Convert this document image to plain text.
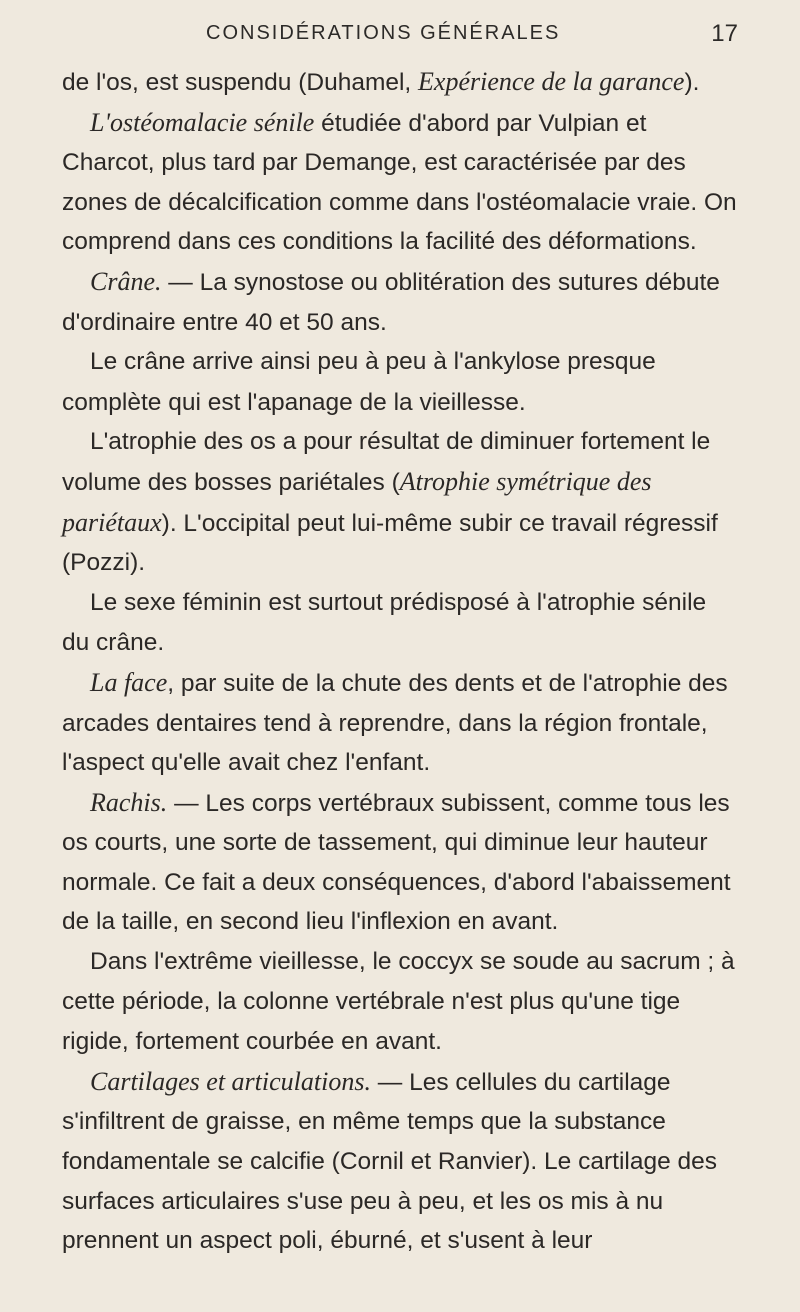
CONSIDÉRATIONS GÉNÉRALES	17

de l'os, est suspendu (Duhamel, Expérience de la garance).

L'ostéomalacie sénile étudiée d'abord par Vulpian et Charcot, plus tard par Demange, est caractérisée par des zones de décalcification comme dans l'ostéomalacie vraie. On comprend dans ces conditions la facilité des déformations.

Crâne. — La synostose ou oblitération des sutures débute d'ordinaire entre 40 et 50 ans.

Le crâne arrive ainsi peu à peu à l'ankylose presque complète qui est l'apanage de la vieillesse.

L'atrophie des os a pour résultat de diminuer fortement le volume des bosses pariétales (Atrophie symétrique des pariétaux). L'occipital peut lui-même subir ce travail régressif (Pozzi).

Le sexe féminin est surtout prédisposé à l'atrophie sénile du crâne.

La face, par suite de la chute des dents et de l'atrophie des arcades dentaires tend à reprendre, dans la région frontale, l'aspect qu'elle avait chez l'enfant.

Rachis. — Les corps vertébraux subissent, comme tous les os courts, une sorte de tassement, qui diminue leur hauteur normale. Ce fait a deux conséquences, d'abord l'abaissement de la taille, en second lieu l'inflexion en avant.

Dans l'extrême vieillesse, le coccyx se soude au sacrum ; à cette période, la colonne vertébrale n'est plus qu'une tige rigide, fortement courbée en avant.

Cartilages et articulations. — Les cellules du cartilage s'infiltrent de graisse, en même temps que la substance fondamentale se calcifie (Cornil et Ranvier). Le cartilage des surfaces articulaires s'use peu à peu, et les os mis à nu prennent un aspect poli, éburné, et s'usent à leur
